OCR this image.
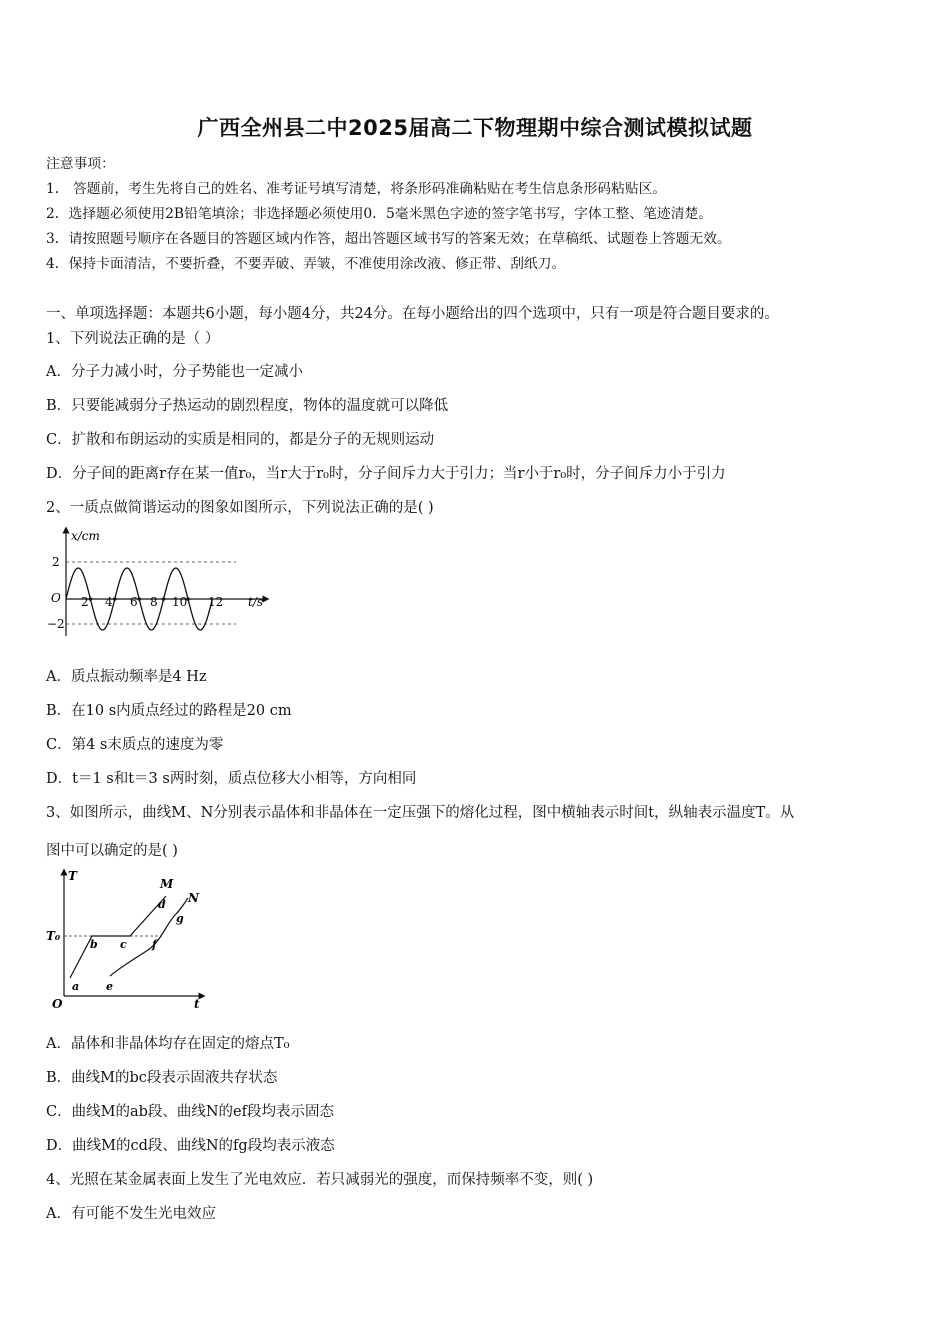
广西全州县二中2025届高二下物理期中综合测试模拟试题
注意事项：
1． 答题前，考生先将自己的姓名、准考证号填写清楚，将条形码准确粘贴在考生信息条形码粘贴区。
2．选择题必须使用2B铅笔填涂；非选择题必须使用0．5毫米黑色字迹的签字笔书写，字体工整、笔迹清楚。
3．请按照题号顺序在各题目的答题区域内作答，超出答题区域书写的答案无效；在草稿纸、试题卷上答题无效。
4．保持卡面清洁，不要折叠，不要弄破、弄皱，不准使用涂改液、修正带、刮纸刀。
一、单项选择题：本题共6小题，每小题4分，共24分。在每小题给出的四个选项中，只有一项是符合题目要求的。
1、下列说法正确的是（ ）
A．分子力减小时，分子势能也一定减小
B．只要能减弱分子热运动的剧烈程度，物体的温度就可以降低
C．扩散和布朗运动的实质是相同的，都是分子的无规则运动
D．分子间的距离r存在某一值r₀，当r大于r₀时，分子间斥力大于引力；当r小于r₀时，分子间斥力小于引力
2、一质点做简谐运动的图象如图所示，下列说法正确的是( )
x/cm
t/s
O
2
−2
2 4 6 8 10 12
A．质点振动频率是4 Hz
B．在10 s内质点经过的路程是20 cm
C．第4 s末质点的速度为零
D．t＝1 s和t＝3 s两时刻，质点位移大小相等，方向相同
3、如图所示，曲线M、N分别表示晶体和非晶体在一定压强下的熔化过程，图中横轴表示时间t，纵轴表示温度T。从
图中可以确定的是( )
T
t
O
T₀
M
N
a
b c
d
e
f
g
A．晶体和非晶体均存在固定的熔点T₀
B．曲线M的bc段表示固液共存状态
C．曲线M的ab段、曲线N的ef段均表示固态
D．曲线M的cd段、曲线N的fg段均表示液态
4、光照在某金属表面上发生了光电效应．若只减弱光的强度，而保持频率不变，则( )
A．有可能不发生光电效应
